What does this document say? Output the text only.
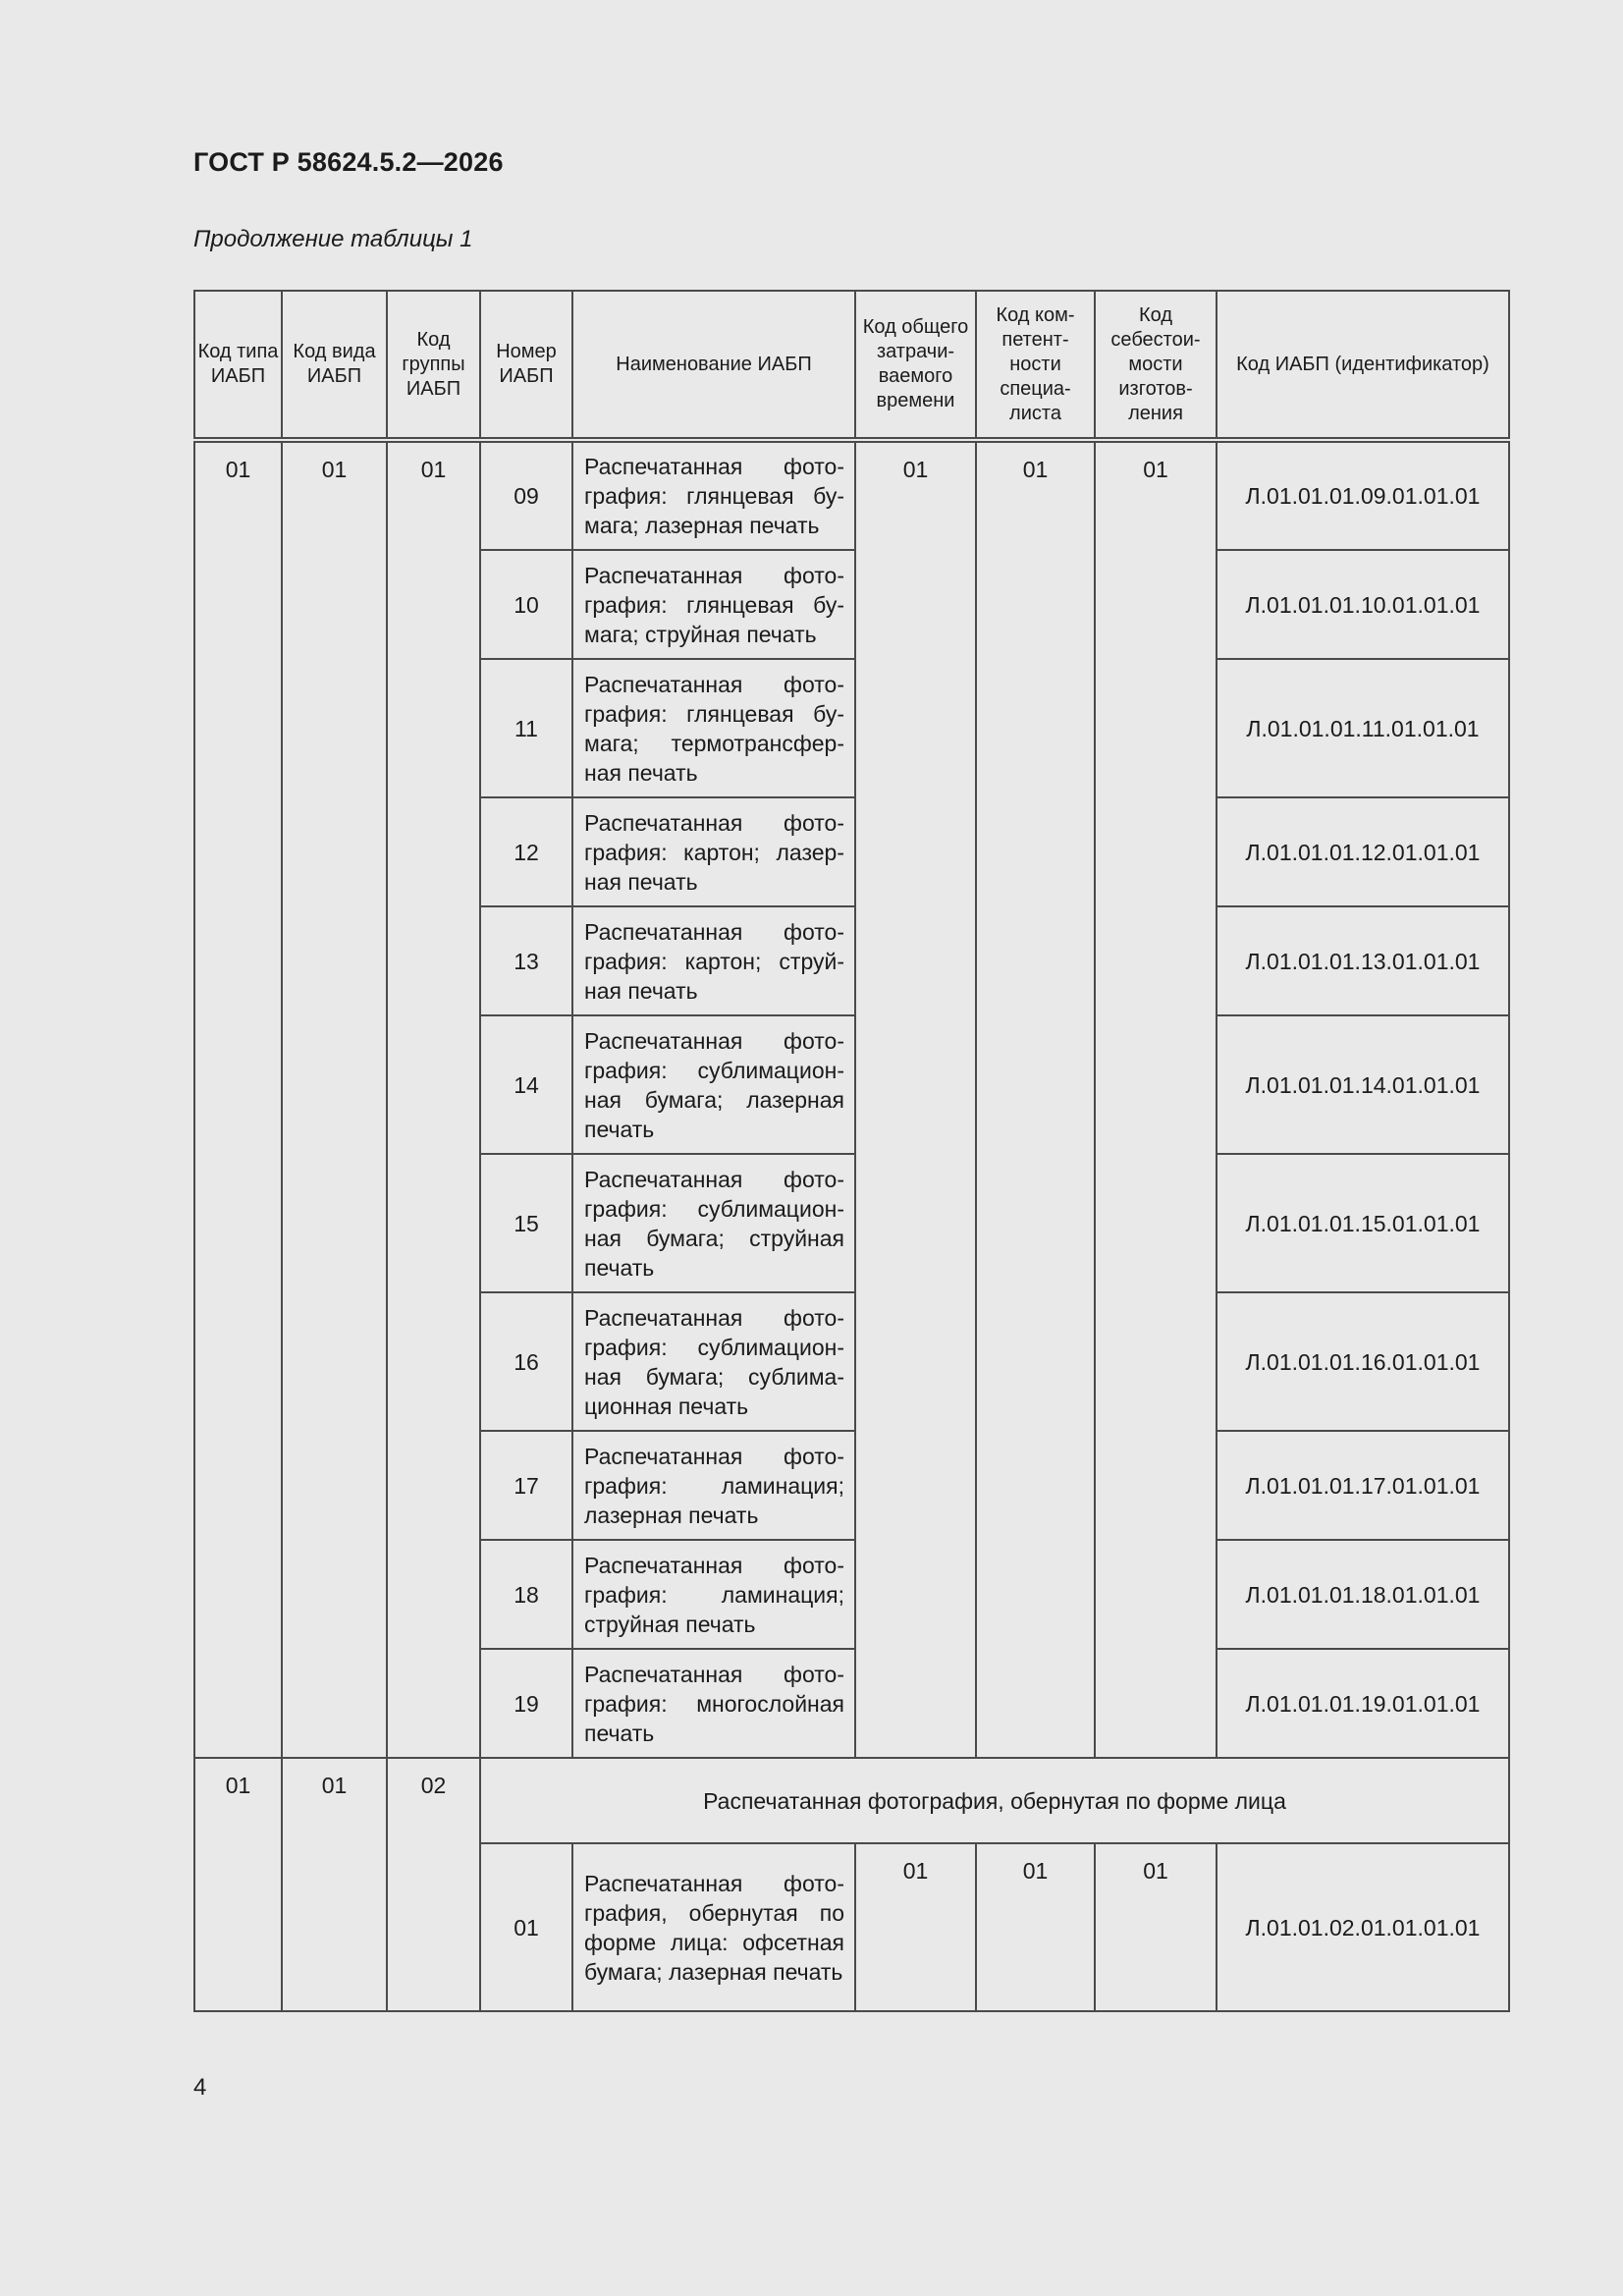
ГОСТ Р 58624.5.2—2026
Продолжение таблицы 1
Код типа ИАБП	Код вида ИАБП	Код группы ИАБП	Номер ИАБП	Наименование ИАБП	Код общего затрачи- ваемого времени	Код ком- петент- ности специа- листа	Код себестои- мости изготов- ления	Код ИАБП (идентификатор)
01	01	01	09	Распечатанная фотография: глянцевая бумага; лазерная печать	01	01	01	Л.01.01.01.09.01.01.01
			10	Распечатанная фотография: глянцевая бумага; струйная печать				Л.01.01.01.10.01.01.01
			11	Распечатанная фотография: глянцевая бумага; термотрансферная печать				Л.01.01.01.11.01.01.01
			12	Распечатанная фотография: картон; лазерная печать				Л.01.01.01.12.01.01.01
			13	Распечатанная фотография: картон; струйная печать				Л.01.01.01.13.01.01.01
			14	Распечатанная фотография: сублимационная бумага; лазерная печать				Л.01.01.01.14.01.01.01
			15	Распечатанная фотография: сублимационная бумага; струйная печать				Л.01.01.01.15.01.01.01
			16	Распечатанная фотография: сублимационная бумага; сублимационная печать				Л.01.01.01.16.01.01.01
			17	Распечатанная фотография: ламинация; лазерная печать				Л.01.01.01.17.01.01.01
			18	Распечатанная фотография: ламинация; струйная печать				Л.01.01.01.18.01.01.01
			19	Распечатанная фотография: многослойная печать				Л.01.01.01.19.01.01.01
01	01	02	Распечатанная фотография, обернутая по форме лица					
			01	Распечатанная фотография, обернутая по форме лица: офсетная бумага; лазерная печать	01	01	01	Л.01.01.02.01.01.01.01
4
